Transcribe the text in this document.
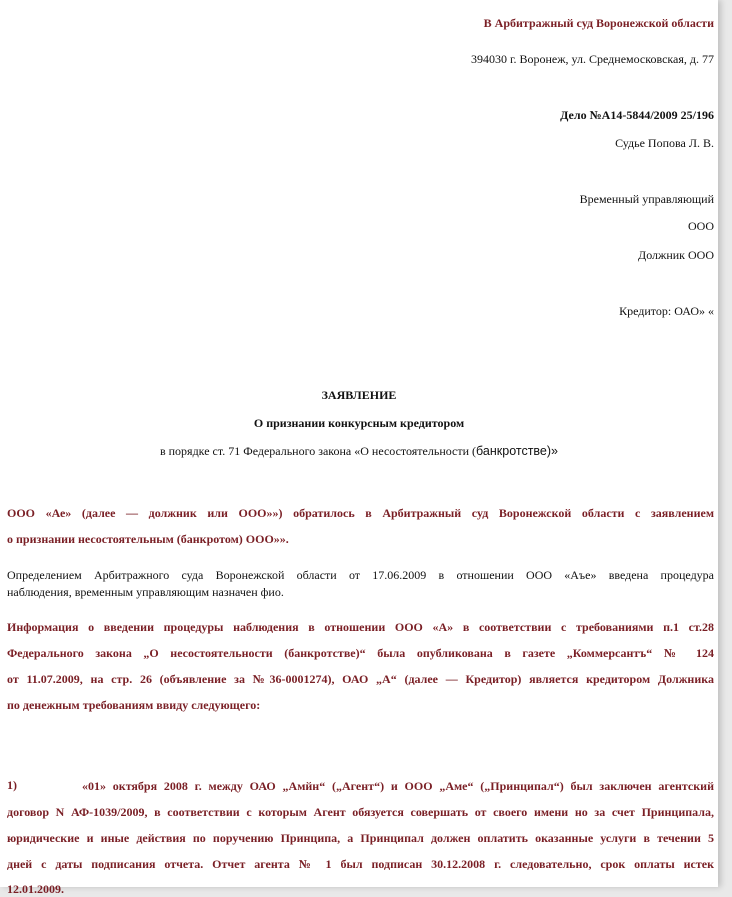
В Арбитражный суд Воронежской области
394030 г. Воронеж, ул. Среднемосковская, д. 77
Дело №А14-5844/2009 25/196
Судье Попова Л. В.
Временный управляющий
ООО
Должник ООО
Кредитор: ОАО» «
ЗАЯВЛЕНИЕ
О признании конкурсным кредитором
в порядке ст. 71 Федерального закона «О несостоятельности (банкротстве)»
ООО «Ае» (далее — должник или ООО»») обратилось в Арбитражный суд Воронежской области с заявлением
о признании несостоятельным (банкротом) ООО»».
Определением Арбитражного суда Воронежской области от 17.06.2009 в отношении ООО «Аъе» введена процедура
наблюдения, временным управляющим назначен фио.
Информация о введении процедуры наблюдения в отношении ООО «А» в соответствии с требованиями п.1 ст.28
Федерального закона „О несостоятельности (банкротстве)“ была опубликована в газете „Коммерсантъ“ № 124
от 11.07.2009, на стр. 26 (объявление за №36-0001274), ОАО „А“ (далее — Кредитор) является кредитором Должника
по денежным требованиям ввиду следующего:
1)	«01» октября 2008 г. между ОАО „Амйн“ („Агент“) и ООО „Аме“ („Принципал“) был заключен агентский
договор N АФ-1039/2009, в соответствии с которым Агент обязуется совершать от своего имени но за счет Принципала,
юридические и иные действия по поручению Принципа, а Принципал должен оплатить оказанные услуги в течении 5
дней с даты подписания отчета. Отчет агента № 1 был подписан 30.12.2008 г. следовательно, срок оплаты истек
12.01.2009.
